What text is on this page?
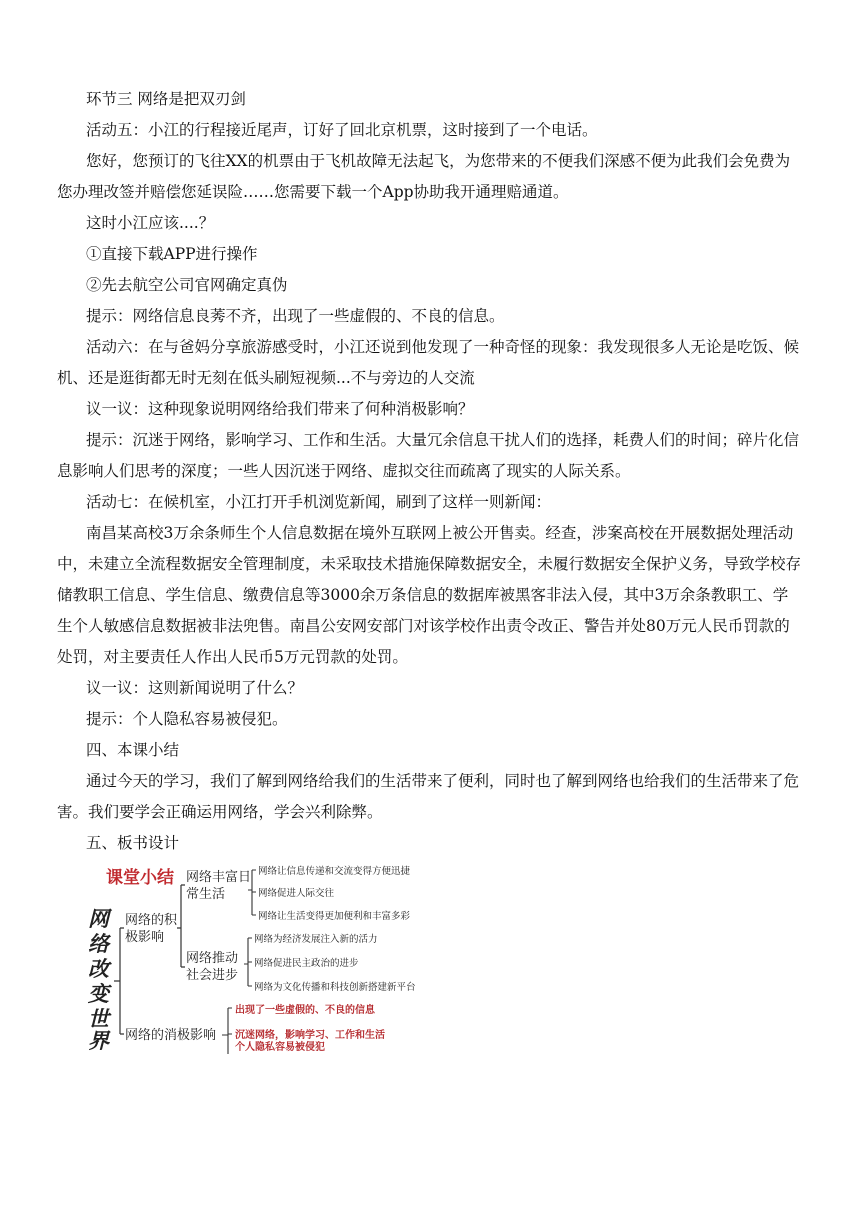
环节三 网络是把双刃剑

活动五：小江的行程接近尾声，订好了回北京机票，这时接到了一个电话。

您好，您预订的飞往XX的机票由于飞机故障无法起飞，为您带来的不便我们深感不便为此我们会免费为

您办理改签并赔偿您延误险……您需要下载一个App协助我开通理赔通道。

这时小江应该....？

①直接下载APP进行操作

②先去航空公司官网确定真伪

提示：网络信息良莠不齐，出现了一些虚假的、不良的信息。

活动六：在与爸妈分享旅游感受时，小江还说到他发现了一种奇怪的现象：我发现很多人无论是吃饭、候

机、还是逛街都无时无刻在低头刷短视频...不与旁边的人交流

议一议：这种现象说明网络给我们带来了何种消极影响？

提示：沉迷于网络，影响学习、工作和生活。大量冗余信息干扰人们的选择，耗费人们的时间；碎片化信

息影响人们思考的深度；一些人因沉迷于网络、虚拟交往而疏离了现实的人际关系。

活动七：在候机室，小江打开手机浏览新闻，刷到了这样一则新闻：

南昌某高校3万余条师生个人信息数据在境外互联网上被公开售卖。经查，涉案高校在开展数据处理活动

中，未建立全流程数据安全管理制度，未采取技术措施保障数据安全，未履行数据安全保护义务，导致学校存

储教职工信息、学生信息、缴费信息等3000余万条信息的数据库被黑客非法入侵，其中3万余条教职工、学

生个人敏感信息数据被非法兜售。南昌公安网安部门对该学校作出责令改正、警告并处80万元人民币罚款的

处罚，对主要责任人作出人民币5万元罚款的处罚。

议一议：这则新闻说明了什么？

提示：个人隐私容易被侵犯。

四、本课小结

通过今天的学习，我们了解到网络给我们的生活带来了便利，同时也了解到网络也给我们的生活带来了危

害。我们要学会正确运用网络，学会兴利除弊。

五、板书设计

课堂小结
网
络
改
变
世
界
网络的积
极影响
网络丰富日
常生活
网络让信息传递和交流变得方便迅捷
网络促进人际交往
网络让生活变得更加便利和丰富多彩
网络推动
社会进步
网络为经济发展注入新的活力
网络促进民主政治的进步
网络为文化传播和科技创新搭建新平台
网络的消极影响
出现了一些虚假的、不良的信息
沉迷网络，影响学习、工作和生活
个人隐私容易被侵犯
